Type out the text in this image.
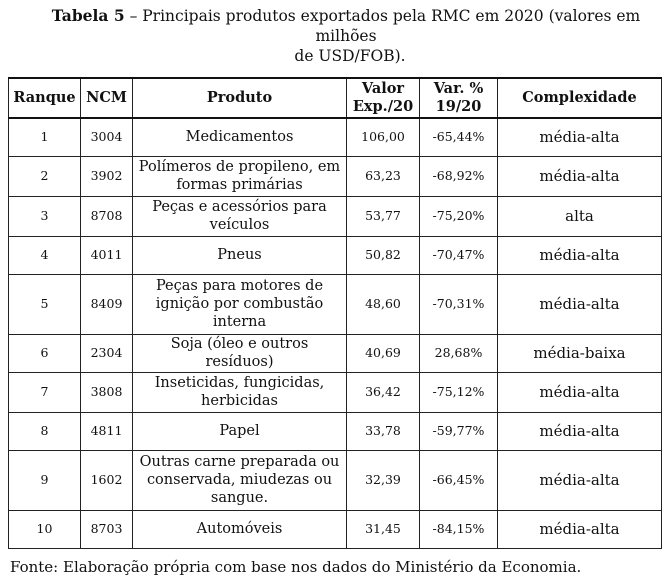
Tabela 5 – Principais produtos exportados pela RMC em 2020 (valores em milhões
de USD/FOB).
Ranque	NCM	Produto	Valor Exp./20	Var. % 19/20	Complexidade
1	3004	Medicamentos	106,00	-65,44%	média-alta
2	3902	Polímeros de propileno, em formas primárias	63,23	-68,92%	média-alta
3	8708	Peças e acessórios para veículos	53,77	-75,20%	alta
4	4011	Pneus	50,82	-70,47%	média-alta
5	8409	Peças para motores de ignição por combustão interna	48,60	-70,31%	média-alta
6	2304	Soja (óleo e outros resíduos)	40,69	28,68%	média-baixa
7	3808	Inseticidas, fungicidas, herbicidas	36,42	-75,12%	média-alta
8	4811	Papel	33,78	-59,77%	média-alta
9	1602	Outras carne preparada ou conservada, miudezas ou sangue.	32,39	-66,45%	média-alta
10	8703	Automóveis	31,45	-84,15%	média-alta
Fonte: Elaboração própria com base nos dados do Ministério da Economia.
